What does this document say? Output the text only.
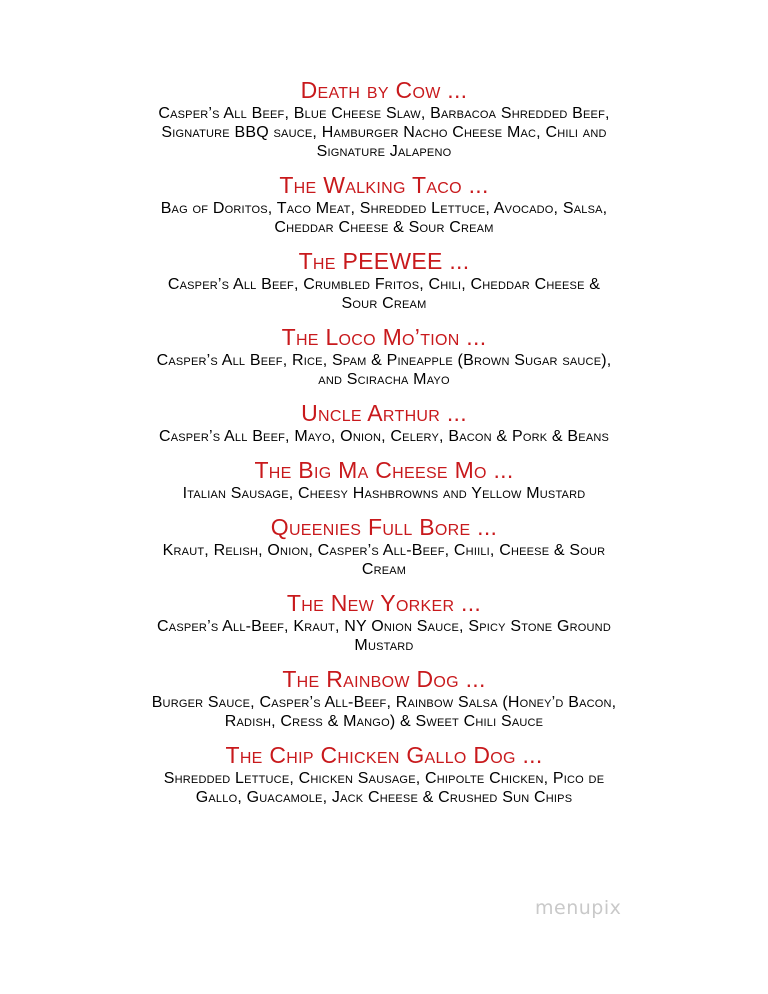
Death by Cow ...
Casper’s All Beef, Blue Cheese Slaw, Barbacoa Shredded Beef, Signature BBQ sauce, Hamburger Nacho Cheese Mac, Chili and Signature Jalapeno
The Walking Taco ...
Bag of Doritos, Taco Meat, Shredded Lettuce, Avocado, Salsa, Cheddar Cheese & Sour Cream
The PEEWEE ...
Casper’s All Beef, Crumbled Fritos, Chili, Cheddar Cheese & Sour Cream
The Loco Mo’tion ...
Casper’s All Beef, Rice, Spam & Pineapple (Brown Sugar sauce), and Sciracha Mayo
Uncle Arthur ...
Casper’s All Beef, Mayo, Onion, Celery, Bacon & Pork & Beans
The Big Ma Cheese Mo ...
Italian Sausage, Cheesy Hashbrowns and Yellow Mustard
Queenies Full Bore ...
Kraut, Relish, Onion, Casper’s All-Beef, Chiili, Cheese & Sour Cream
The New Yorker ...
Casper’s All-Beef, Kraut, NY Onion Sauce, Spicy Stone Ground Mustard
The Rainbow Dog ...
Burger Sauce, Casper’s All-Beef, Rainbow Salsa (Honey’d Bacon, Radish, Cress & Mango) & Sweet Chili Sauce
The Chip Chicken Gallo Dog ...
Shredded Lettuce, Chicken Sausage, Chipolte Chicken, Pico de Gallo, Guacamole, Jack Cheese & Crushed Sun Chips
menupix
